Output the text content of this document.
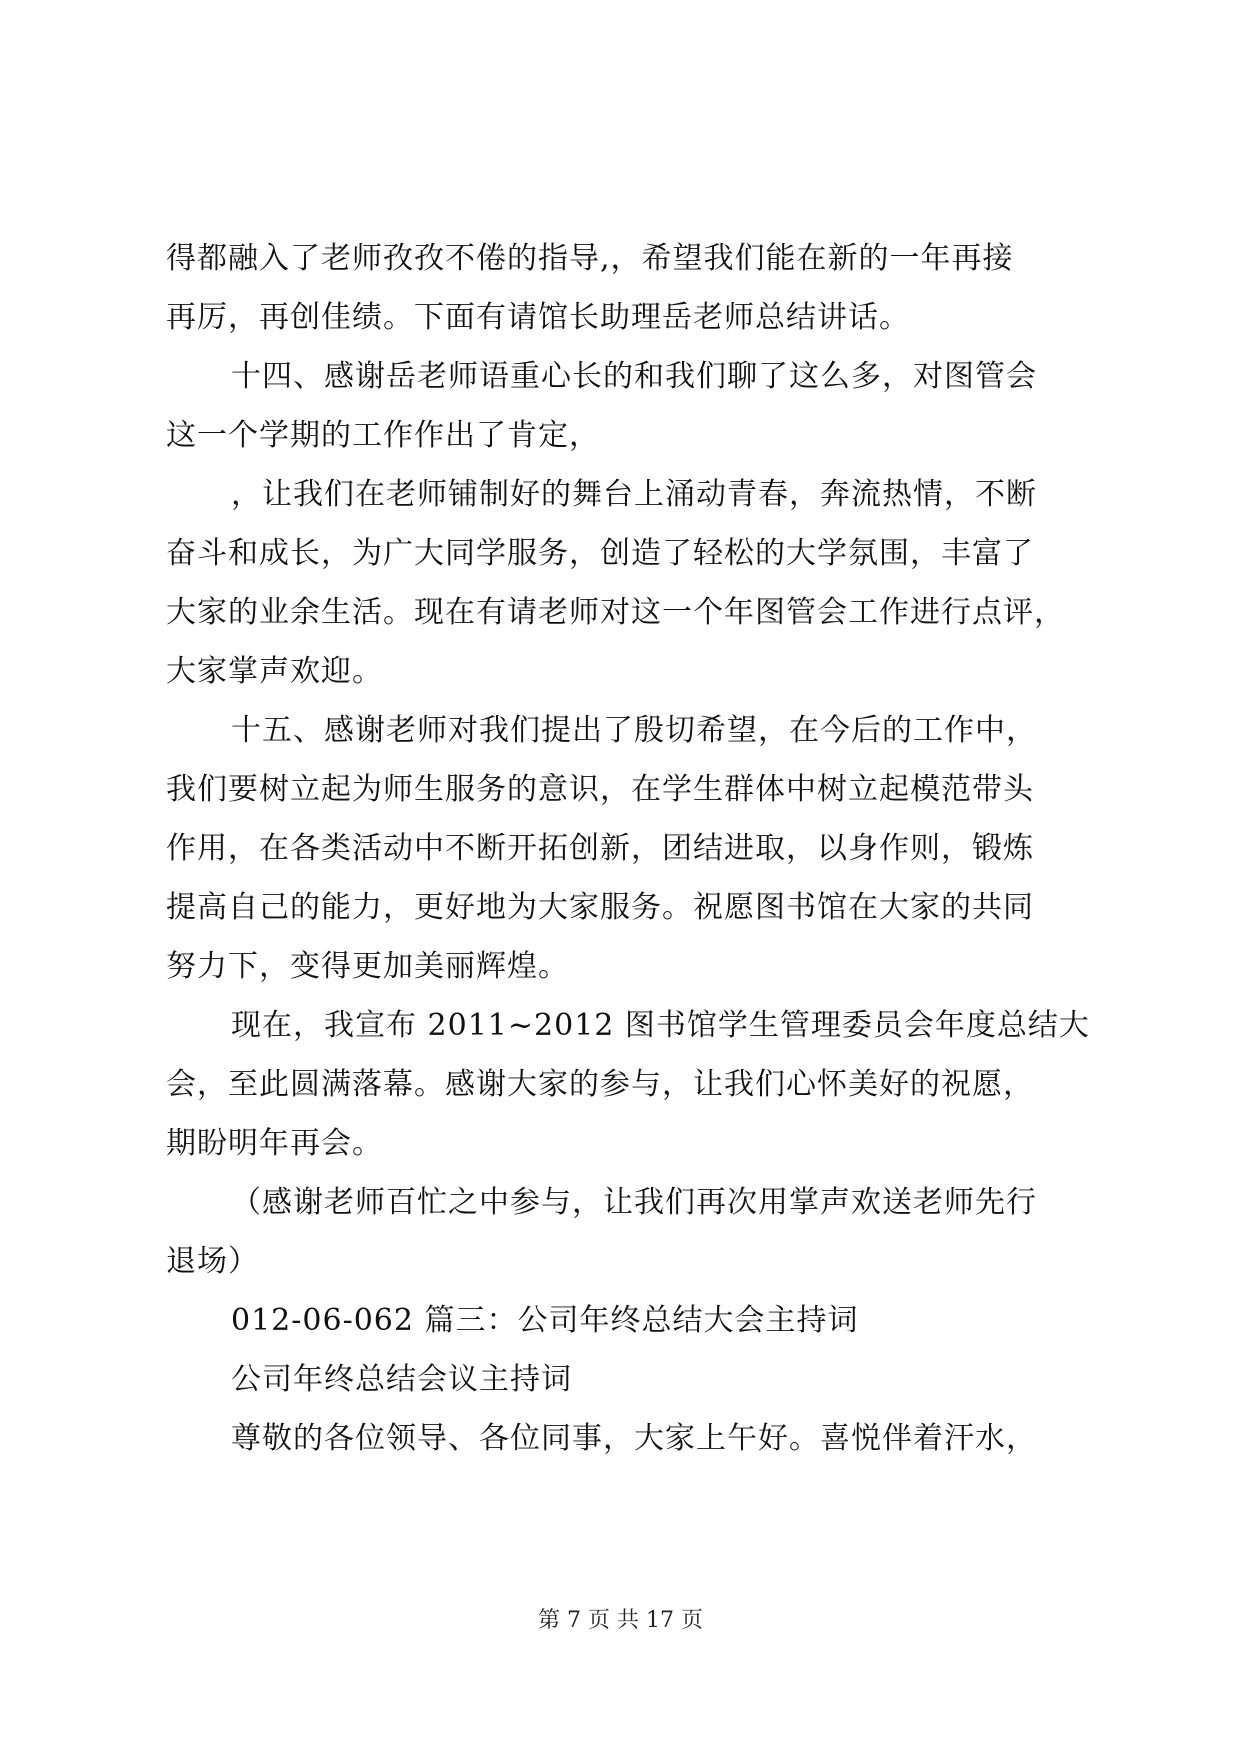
得都融入了老师孜孜不倦的指导,，希望我们能在新的一年再接
再厉，再创佳绩。下面有请馆长助理岳老师总结讲话。
十四、感谢岳老师语重心长的和我们聊了这么多，对图管会
这一个学期的工作作出了肯定，
，让我们在老师铺制好的舞台上涌动青春，奔流热情，不断
奋斗和成长，为广大同学服务，创造了轻松的大学氛围，丰富了
大家的业余生活。现在有请老师对这一个年图管会工作进行点评，
大家掌声欢迎。
十五、感谢老师对我们提出了殷切希望，在今后的工作中，
我们要树立起为师生服务的意识，在学生群体中树立起模范带头
作用，在各类活动中不断开拓创新，团结进取，以身作则，锻炼
提高自己的能力，更好地为大家服务。祝愿图书馆在大家的共同
努力下，变得更加美丽辉煌。
现在，我宣布 2011~2012 图书馆学生管理委员会年度总结大
会，至此圆满落幕。感谢大家的参与，让我们心怀美好的祝愿，
期盼明年再会。
（感谢老师百忙之中参与，让我们再次用掌声欢送老师先行
退场）
012-06-062 篇三：公司年终总结大会主持词
公司年终总结会议主持词
尊敬的各位领导、各位同事，大家上午好。喜悦伴着汗水，
第 7 页 共 17 页
